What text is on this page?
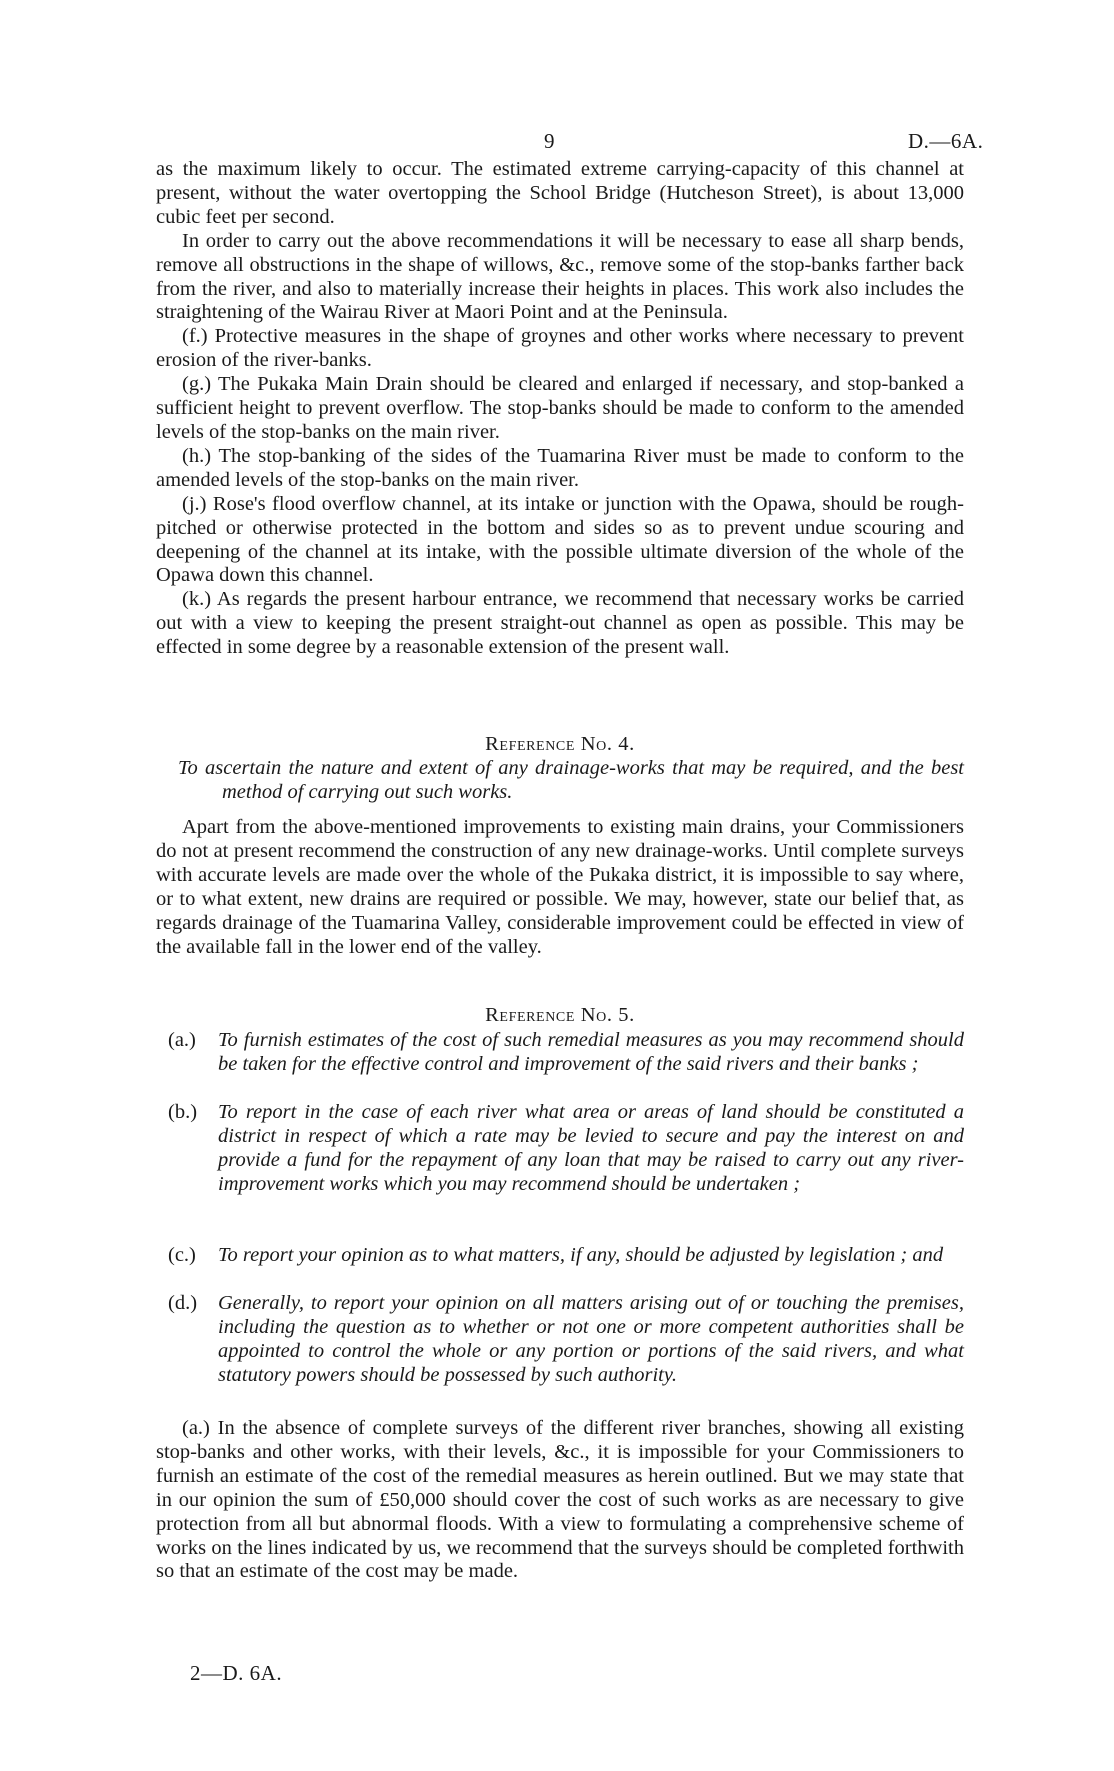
9	D.—6A.

as the maximum likely to occur. The estimated extreme carrying-capacity of this channel at present, without the water overtopping the School Bridge (Hutcheson Street), is about 13,000 cubic feet per second.

In order to carry out the above recommendations it will be necessary to ease all sharp bends, remove all obstructions in the shape of willows, &c., remove some of the stop-banks farther back from the river, and also to materially increase their heights in places. This work also includes the straightening of the Wairau River at Maori Point and at the Peninsula.

(f.) Protective measures in the shape of groynes and other works where necessary to prevent erosion of the river-banks.

(g.) The Pukaka Main Drain should be cleared and enlarged if necessary, and stop-banked a sufficient height to prevent overflow. The stop-banks should be made to conform to the amended levels of the stop-banks on the main river.

(h.) The stop-banking of the sides of the Tuamarina River must be made to conform to the amended levels of the stop-banks on the main river.

(j.) Rose's flood overflow channel, at its intake or junction with the Opawa, should be rough-pitched or otherwise protected in the bottom and sides so as to prevent undue scouring and deepening of the channel at its intake, with the possible ultimate diversion of the whole of the Opawa down this channel.

(k.) As regards the present harbour entrance, we recommend that necessary works be carried out with a view to keeping the present straight-out channel as open as possible. This may be effected in some degree by a reasonable extension of the present wall.

Reference No. 4.

To ascertain the nature and extent of any drainage-works that may be required, and the best method of carrying out such works.

Apart from the above-mentioned improvements to existing main drains, your Commissioners do not at present recommend the construction of any new drainage-works. Until complete surveys with accurate levels are made over the whole of the Pukaka district, it is impossible to say where, or to what extent, new drains are required or possible. We may, however, state our belief that, as regards drainage of the Tuamarina Valley, considerable improvement could be effected in view of the available fall in the lower end of the valley.

Reference No. 5.
(a.) To furnish estimates of the cost of such remedial measures as you may recommend should be taken for the effective control and improvement of the said rivers and their banks ;
(b.) To report in the case of each river what area or areas of land should be constituted a district in respect of which a rate may be levied to secure and pay the interest on and provide a fund for the repayment of any loan that may be raised to carry out any river-improvement works which you may recommend should be undertaken ;
(c.) To report your opinion as to what matters, if any, should be adjusted by legislation ; and
(d.) Generally, to report your opinion on all matters arising out of or touching the premises, including the question as to whether or not one or more competent authorities shall be appointed to control the whole or any portion or portions of the said rivers, and what statutory powers should be possessed by such authority.

(a.) In the absence of complete surveys of the different river branches, showing all existing stop-banks and other works, with their levels, &c., it is impossible for your Commissioners to furnish an estimate of the cost of the remedial measures as herein outlined. But we may state that in our opinion the sum of £50,000 should cover the cost of such works as are necessary to give protection from all but abnormal floods. With a view to formulating a comprehensive scheme of works on the lines indicated by us, we recommend that the surveys should be completed forthwith so that an estimate of the cost may be made.

2—D. 6A.
